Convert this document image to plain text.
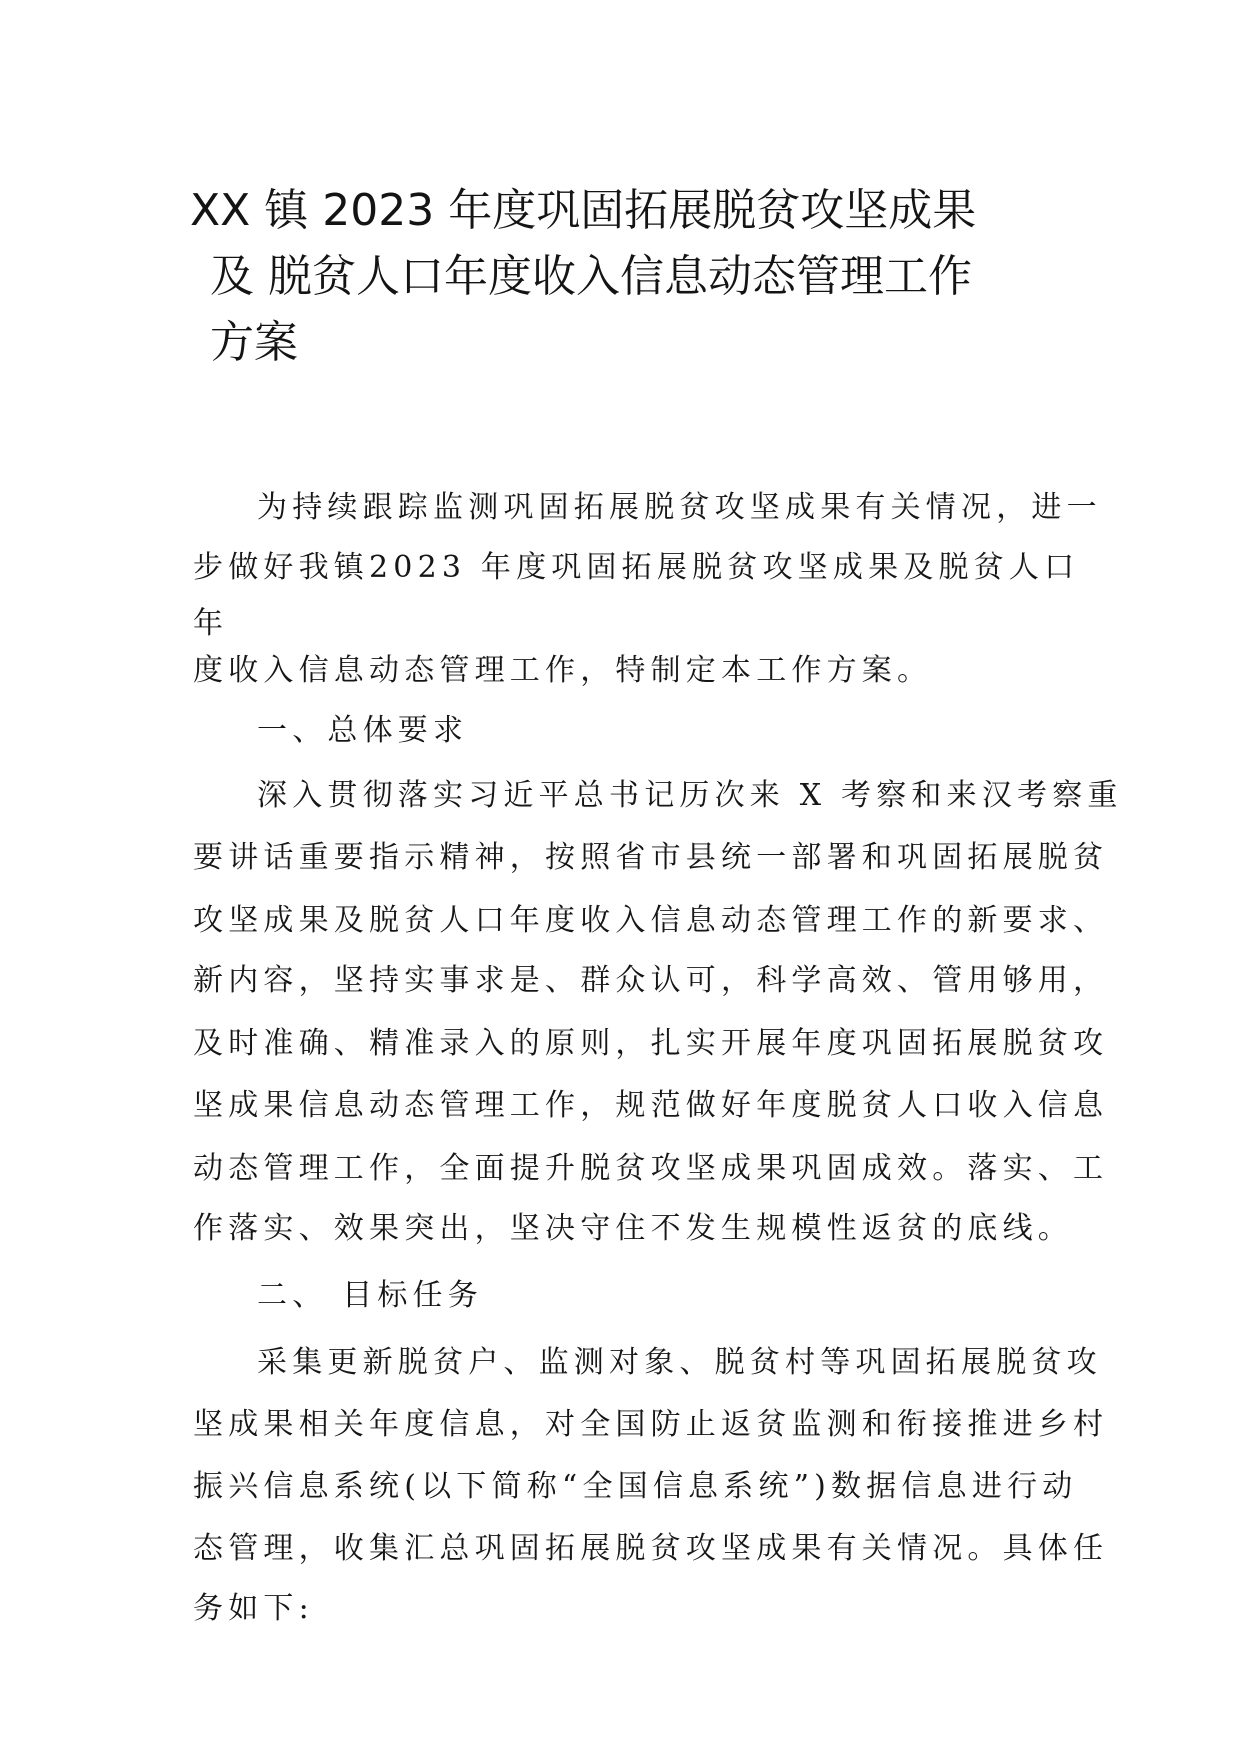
XX 镇 2023 年度巩固拓展脱贫攻坚成果
及 脱贫人口年度收入信息动态管理工作
方案
为持续跟踪监测巩固拓展脱贫攻坚成果有关情况，进一
步做好我镇2023 年度巩固拓展脱贫攻坚成果及脱贫人口
年
度收入信息动态管理工作，特制定本工作方案。
一、总体要求
深入贯彻落实习近平总书记历次来 X 考察和来汉考察重
要讲话重要指示精神，按照省市县统一部署和巩固拓展脱贫
攻坚成果及脱贫人口年度收入信息动态管理工作的新要求、
新内容，坚持实事求是、群众认可，科学高效、管用够用，
及时准确、精准录入的原则，扎实开展年度巩固拓展脱贫攻
坚成果信息动态管理工作，规范做好年度脱贫人口收入信息
动态管理工作，全面提升脱贫攻坚成果巩固成效。落实、工
作落实、效果突出，坚决守住不发生规模性返贫的底线。
二、 目标任务
采集更新脱贫户、监测对象、脱贫村等巩固拓展脱贫攻
坚成果相关年度信息，对全国防止返贫监测和衔接推进乡村
振兴信息系统(以下简称“全国信息系统”)数据信息进行动
态管理，收集汇总巩固拓展脱贫攻坚成果有关情况。具体任
务如下:
